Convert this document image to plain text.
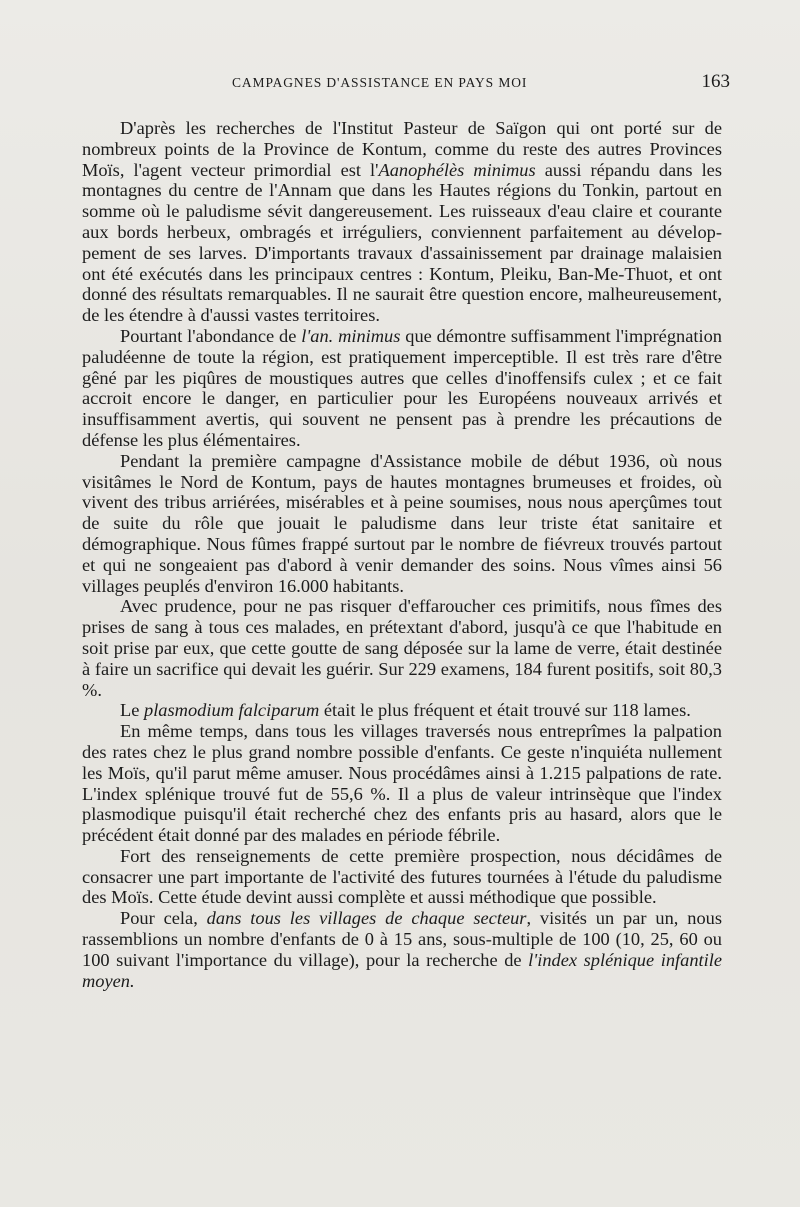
CAMPAGNES D'ASSISTANCE EN PAYS MOI	163

D'après les recherches de l'Institut Pasteur de Saïgon qui ont porté sur de nombreux points de la Province de Kontum, comme du reste des autres Provinces Moïs, l'agent vecteur primordial est l'Aanophélès minimus aussi répandu dans les montagnes du centre de l'Annam que dans les Hautes régions du Tonkin, partout en somme où le paludisme sévit dangereusement. Les ruisseaux d'eau claire et courante aux bords herbeux, ombragés et irréguliers, conviennent parfaitement au développement de ses larves. D'importants travaux d'assainissement par drainage malaisien ont été exécutés dans les principaux centres : Kontum, Pleiku, Ban-Me-Thuot, et ont donné des résultats remarquables. Il ne saurait être question encore, malheureusement, de les étendre à d'aussi vastes territoires.

Pourtant l'abondance de l'an. minimus que démontre suffisamment l'imprégnation paludéenne de toute la région, est pratiquement imperceptible. Il est très rare d'être gêné par les piqûres de moustiques autres que celles d'inoffensifs culex ; et ce fait accroit encore le danger, en particulier pour les Européens nouveaux arrivés et insuffisamment avertis, qui souvent ne pensent pas à prendre les précautions de défense les plus élémentaires.

Pendant la première campagne d'Assistance mobile de début 1936, où nous visitâmes le Nord de Kontum, pays de hautes montagnes brumeuses et froides, où vivent des tribus arriérées, misérables et à peine soumises, nous nous aperçûmes tout de suite du rôle que jouait le paludisme dans leur triste état sanitaire et démographique. Nous fûmes frappé surtout par le nombre de fiévreux trouvés partout et qui ne songeaient pas d'abord à venir demander des soins. Nous vîmes ainsi 56 villages peuplés d'environ 16.000 habitants.

Avec prudence, pour ne pas risquer d'effaroucher ces primitifs, nous fîmes des prises de sang à tous ces malades, en prétextant d'abord, jusqu'à ce que l'habitude en soit prise par eux, que cette goutte de sang déposée sur la lame de verre, était destinée à faire un sacrifice qui devait les guérir. Sur 229 examens, 184 furent positifs, soit 80,3 %.

Le plasmodium falciparum était le plus fréquent et était trouvé sur 118 lames.

En même temps, dans tous les villages traversés nous entreprîmes la palpation des rates chez le plus grand nombre possible d'enfants. Ce geste n'inquiéta nullement les Moïs, qu'il parut même amuser. Nous procédâmes ainsi à 1.215 palpations de rate. L'index splénique trouvé fut de 55,6 %. Il a plus de valeur intrinsèque que l'index plasmodique puisqu'il était recherché chez des enfants pris au hasard, alors que le précédent était donné par des malades en période fébrile.

Fort des renseignements de cette première prospection, nous décidâmes de consacrer une part importante de l'activité des futures tournées à l'étude du paludisme des Moïs. Cette étude devint aussi complète et aussi méthodique que possible.

Pour cela, dans tous les villages de chaque secteur, visités un par un, nous rassemblions un nombre d'enfants de 0 à 15 ans, sous-multiple de 100 (10, 25, 60 ou 100 suivant l'importance du village), pour la recherche de l'index splénique infantile moyen.
